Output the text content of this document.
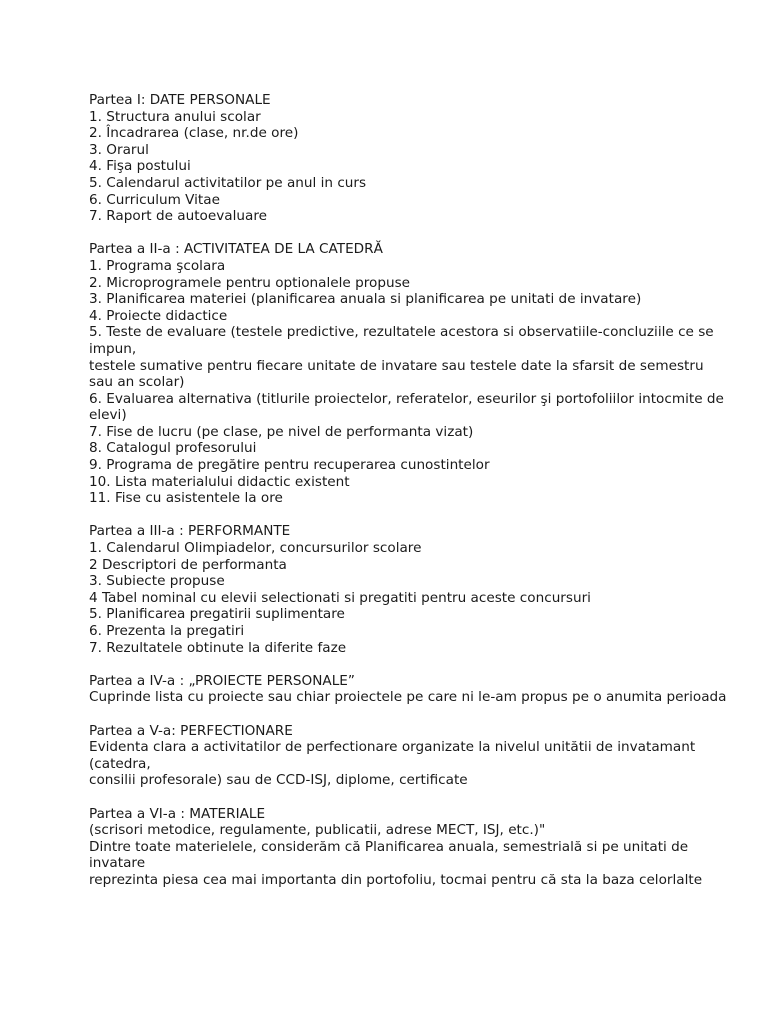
Partea I: DATE PERSONALE
1. Structura anului scolar
2. Încadrarea (clase, nr.de ore)
3. Orarul
4. Fişa postului
5. Calendarul activitatilor pe anul in curs
6. Curriculum Vitae
7. Raport de autoevaluare
Partea a II-a : ACTIVITATEA DE LA CATEDRĂ
1. Programa şcolara
2. Microprogramele pentru optionalele propuse
3. Planificarea materiei (planificarea anuala si planificarea pe unitati de invatare)
4. Proiecte didactice
5. Teste de evaluare (testele predictive, rezultatele acestora si observatiile-concluziile ce se impun,
testele sumative pentru fiecare unitate de invatare sau testele date la sfarsit de semestru sau an scolar)
6. Evaluarea alternativa (titlurile proiectelor, referatelor, eseurilor şi portofoliilor intocmite de elevi)
7. Fise de lucru (pe clase, pe nivel de performanta vizat)
8. Catalogul profesorului
9. Programa de pregătire pentru recuperarea cunostintelor
10. Lista materialului didactic existent
11. Fise cu asistentele la ore
Partea a III-a : PERFORMANTE
1. Calendarul Olimpiadelor, concursurilor scolare
2 Descriptori de performanta
3. Subiecte propuse
4 Tabel nominal cu elevii selectionati si pregatiti pentru aceste concursuri
5. Planificarea pregatirii suplimentare
6. Prezenta la pregatiri
7. Rezultatele obtinute la diferite faze
Partea a IV-a : „PROIECTE PERSONALE”
Cuprinde lista cu proiecte sau chiar proiectele pe care ni le-am propus pe o anumita perioada
Partea a V-a: PERFECTIONARE
Evidenta clara a activitatilor de perfectionare organizate la nivelul unitătii de invatamant (catedra,
consilii profesorale) sau de CCD-ISJ, diplome, certificate
Partea a VI-a : MATERIALE
(scrisori metodice, regulamente, publicatii, adrese MECT, ISJ, etc.)"
Dintre toate materielele, considerăm că Planificarea anuala, semestrială si pe unitati de invatare
reprezinta piesa cea mai importanta din portofoliu, tocmai pentru că sta la baza celorlalte
